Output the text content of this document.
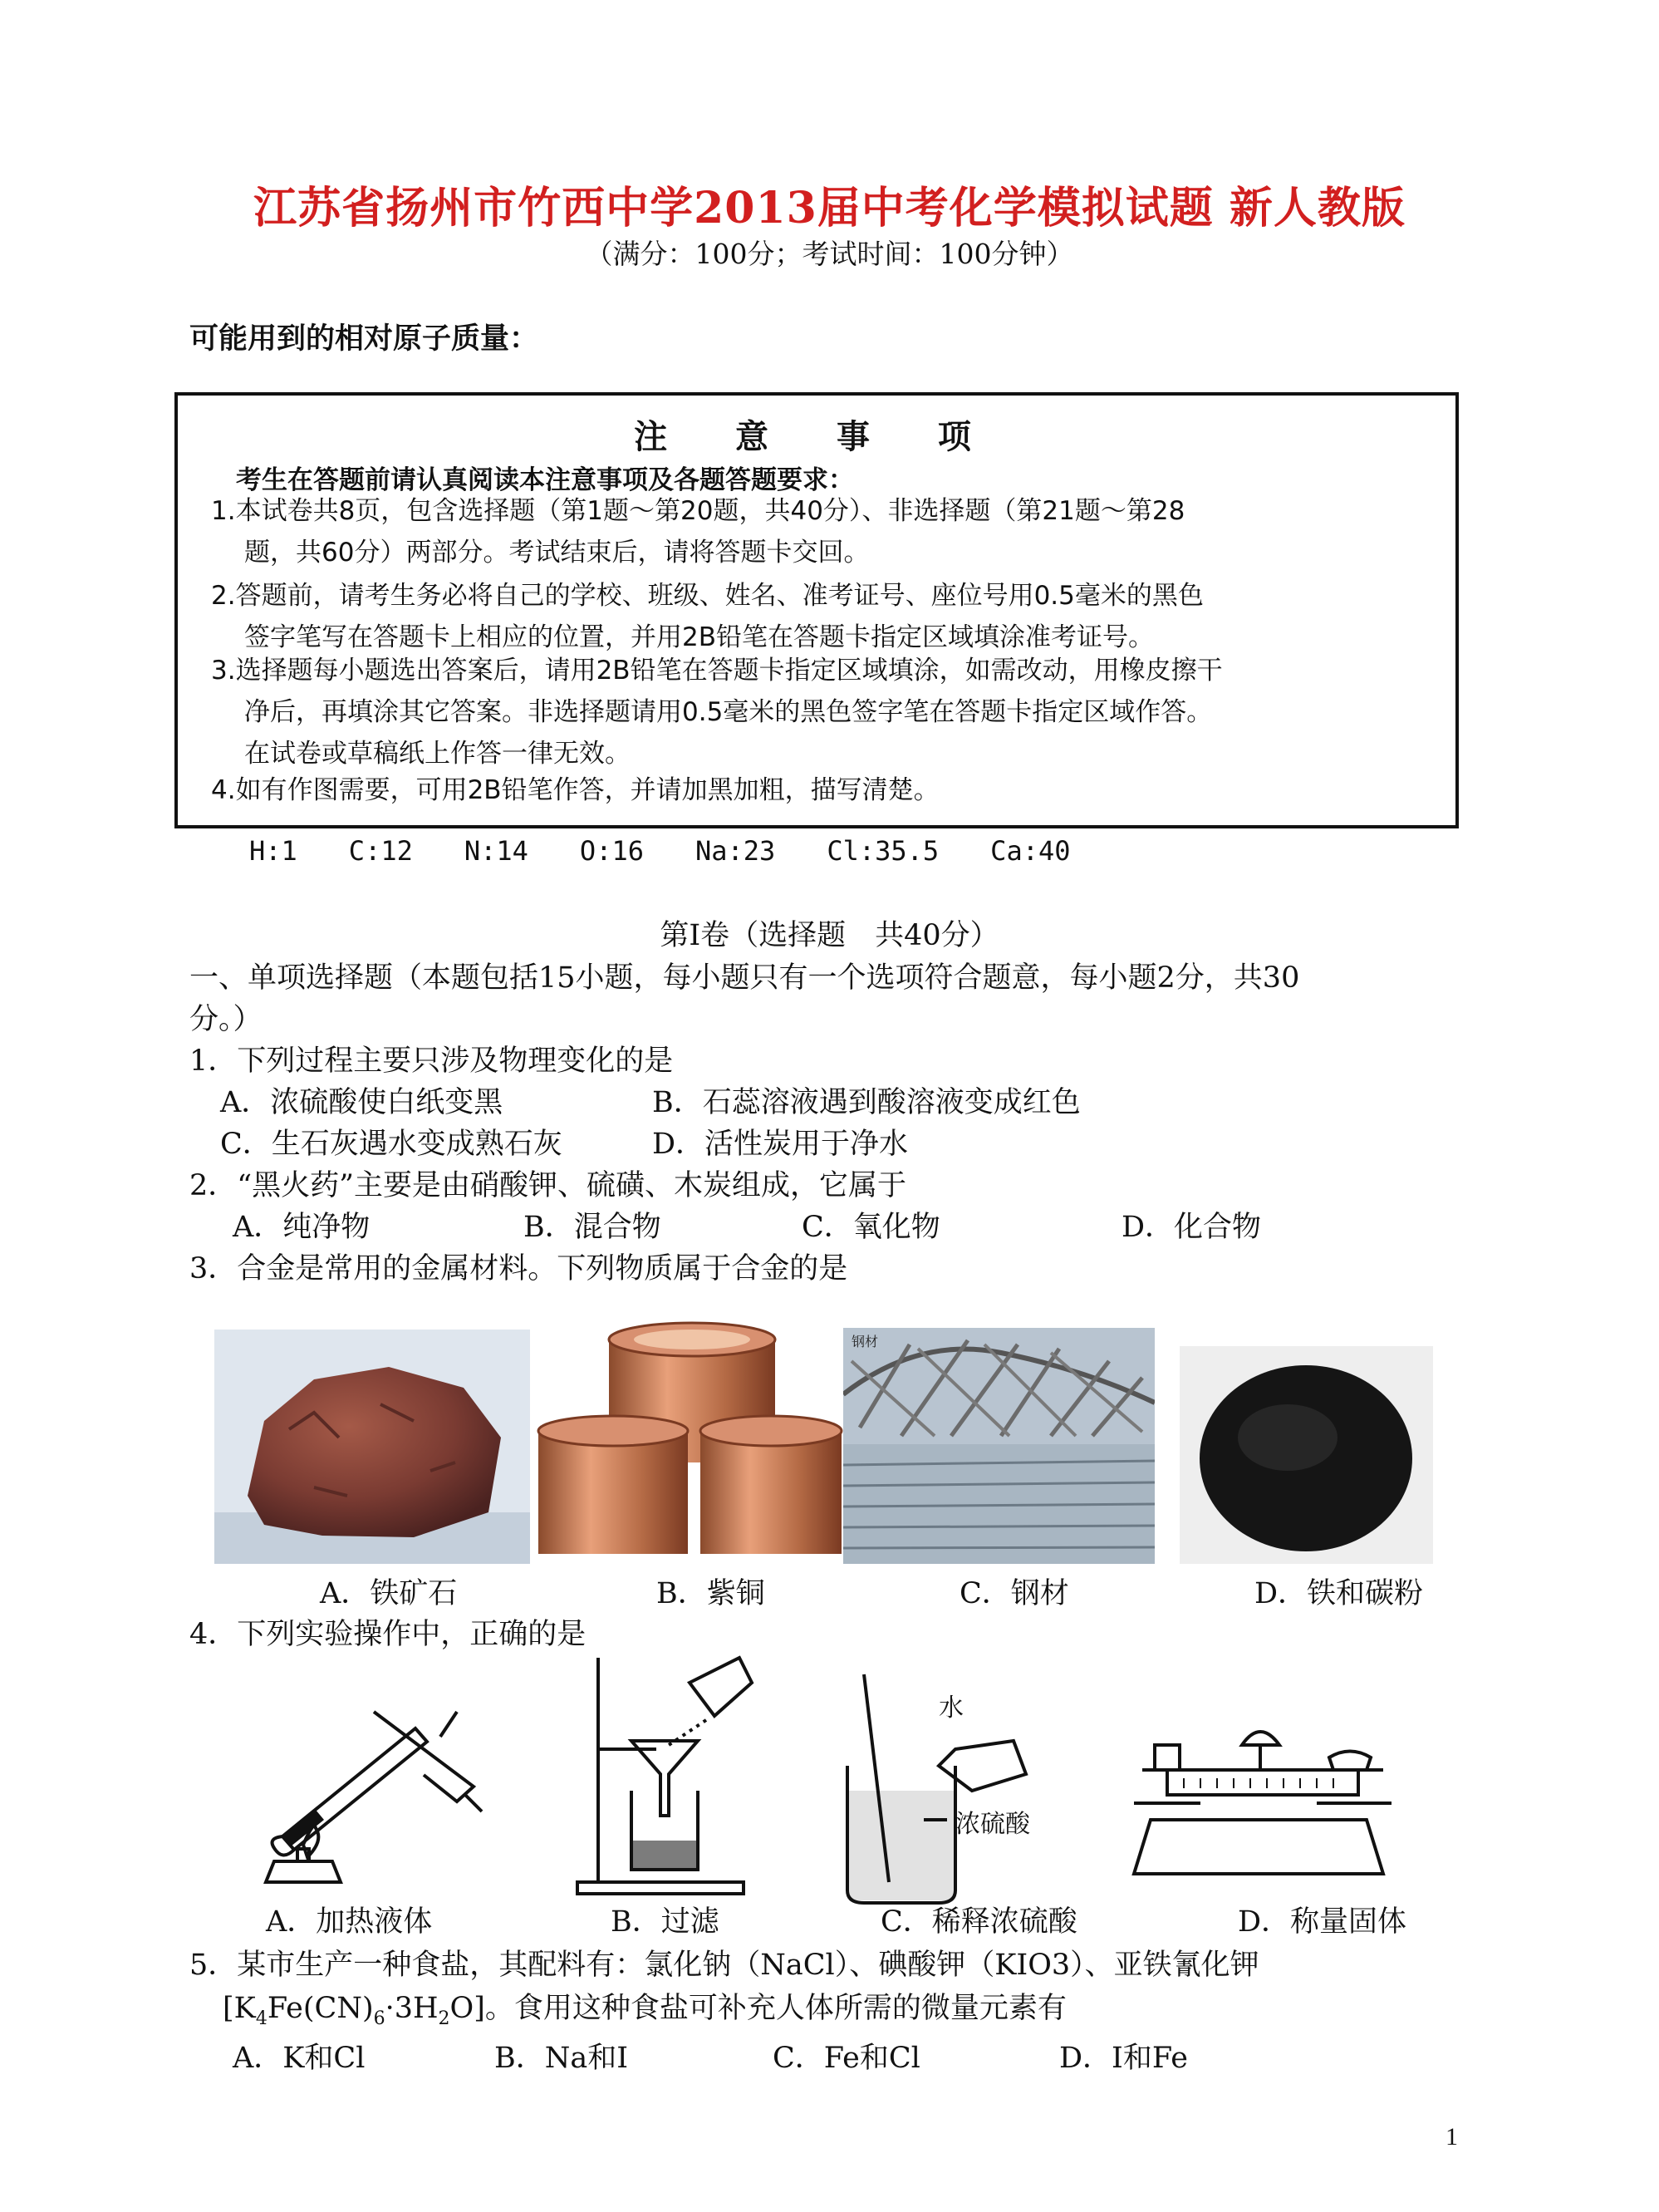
江苏省扬州市竹西中学2013届中考化学模拟试题 新人教版
（满分：100分；考试时间：100分钟）
可能用到的相对原子质量：
注 意 事 项
考生在答题前请认真阅读本注意事项及各题答题要求：
1.本试卷共8页，包含选择题（第1题～第20题，共40分）、非选择题（第21题～第28
题，共60分）两部分。考试结束后，请将答题卡交回。
2.答题前，请考生务必将自己的学校、班级、姓名、准考证号、座位号用0.5毫米的黑色
签字笔写在答题卡上相应的位置，并用2B铅笔在答题卡指定区域填涂准考证号。
3.选择题每小题选出答案后，请用2B铅笔在答题卡指定区域填涂，如需改动，用橡皮擦干
净后，再填涂其它答案。非选择题请用0.5毫米的黑色签字笔在答题卡指定区域作答。
在试卷或草稿纸上作答一律无效。
4.如有作图需要，可用2B铅笔作答，并请加黑加粗，描写清楚。
H:1 C:12 N:14 O:16 Na:23 Cl:35.5 Ca:40
第Ⅰ卷（选择题　共40分）
一、单项选择题（本题包括15小题，每小题只有一个选项符合题意，每小题2分，共30
分。）
1．下列过程主要只涉及物理变化的是
A．浓硫酸使白纸变黑	B．石蕊溶液遇到酸溶液变成红色
C．生石灰遇水变成熟石灰	D．活性炭用于净水
2．“黑火药”主要是由硝酸钾、硫磺、木炭组成，它属于
A．纯净物	B．混合物	C．氧化物	D．化合物
3．合金是常用的金属材料。下列物质属于合金的是
钢材
A．铁矿石	B．紫铜	C．钢材	D．铁和碳粉
4．下列实验操作中，正确的是
水
浓硫酸
A．加热液体	B．过滤	C．稀释浓硫酸	D．称量固体
5．某市生产一种食盐，其配料有：氯化钠（NaCl）、碘酸钾（KIO3）、亚铁氰化钾
$[K_4Fe(CN)_6\cdot 3H_2O]$。食用这种食盐可补充人体所需的微量元素有
A．K和Cl	B．Na和I	C．Fe和Cl	D．I和Fe
1
